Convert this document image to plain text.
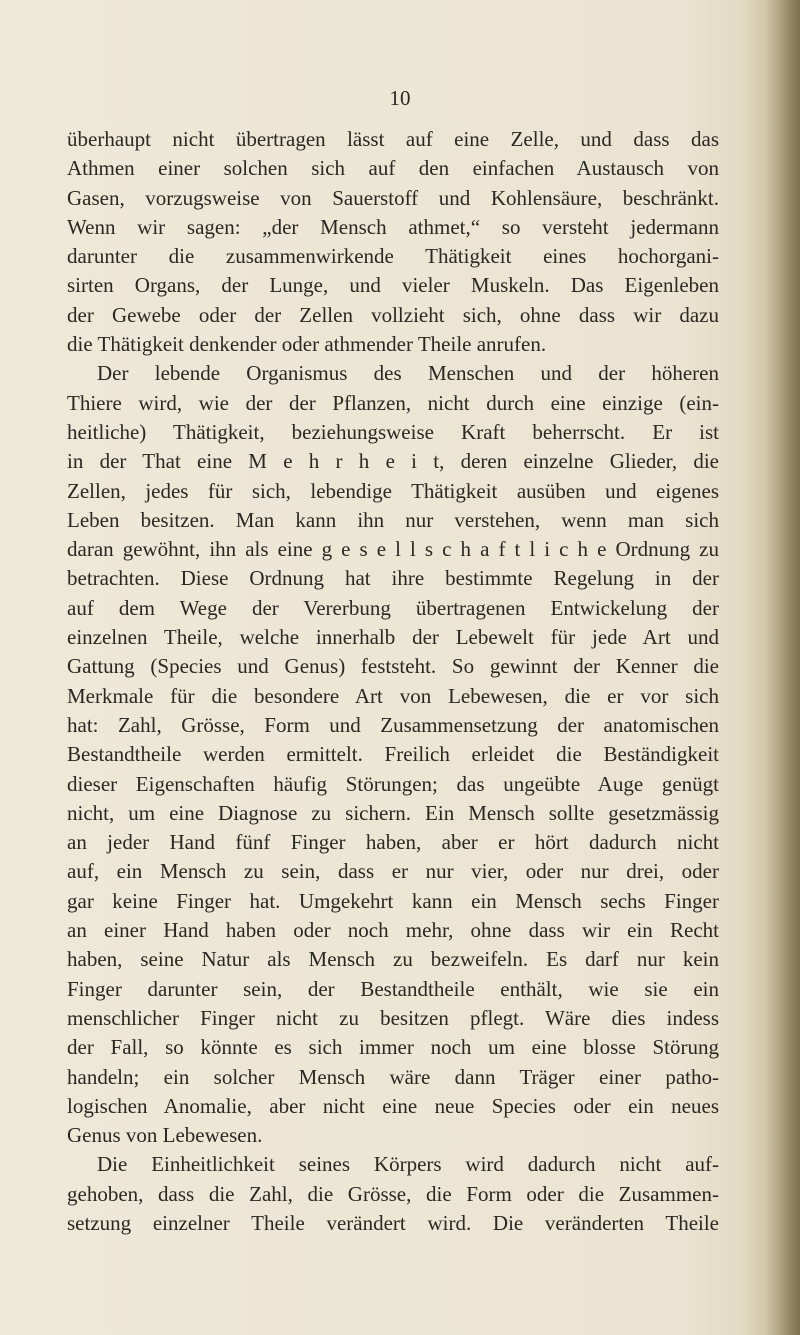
10
überhaupt nicht übertragen lässt auf eine Zelle, und dass das
Athmen einer solchen sich auf den einfachen Austausch von
Gasen, vorzugsweise von Sauerstoff und Kohlensäure, beschränkt.
Wenn wir sagen: „der Mensch athmet,“ so versteht jedermann
darunter die zusammenwirkende Thätigkeit eines hochorgani-
sirten Organs, der Lunge, und vieler Muskeln. Das Eigenleben
der Gewebe oder der Zellen vollzieht sich, ohne dass wir dazu
die Thätigkeit denkender oder athmender Theile anrufen.
Der lebende Organismus des Menschen und der höheren
Thiere wird, wie der der Pflanzen, nicht durch eine einzige (ein-
heitliche) Thätigkeit, beziehungsweise Kraft beherrscht. Er ist
in der That eine M e h r h e i t, deren einzelne Glieder, die
Zellen, jedes für sich, lebendige Thätigkeit ausüben und eigenes
Leben besitzen. Man kann ihn nur verstehen, wenn man sich
daran gewöhnt, ihn als eine g e s e l l s c h a f t l i c h e Ordnung zu
betrachten. Diese Ordnung hat ihre bestimmte Regelung in der
auf dem Wege der Vererbung übertragenen Entwickelung der
einzelnen Theile, welche innerhalb der Lebewelt für jede Art und
Gattung (Species und Genus) feststeht. So gewinnt der Kenner die
Merkmale für die besondere Art von Lebewesen, die er vor sich
hat: Zahl, Grösse, Form und Zusammensetzung der anatomischen
Bestandtheile werden ermittelt. Freilich erleidet die Beständigkeit
dieser Eigenschaften häufig Störungen; das ungeübte Auge genügt
nicht, um eine Diagnose zu sichern. Ein Mensch sollte gesetzmässig
an jeder Hand fünf Finger haben, aber er hört dadurch nicht
auf, ein Mensch zu sein, dass er nur vier, oder nur drei, oder
gar keine Finger hat. Umgekehrt kann ein Mensch sechs Finger
an einer Hand haben oder noch mehr, ohne dass wir ein Recht
haben, seine Natur als Mensch zu bezweifeln. Es darf nur kein
Finger darunter sein, der Bestandtheile enthält, wie sie ein
menschlicher Finger nicht zu besitzen pflegt. Wäre dies indess
der Fall, so könnte es sich immer noch um eine blosse Störung
handeln; ein solcher Mensch wäre dann Träger einer patho-
logischen Anomalie, aber nicht eine neue Species oder ein neues
Genus von Lebewesen.
Die Einheitlichkeit seines Körpers wird dadurch nicht auf-
gehoben, dass die Zahl, die Grösse, die Form oder die Zusammen-
setzung einzelner Theile verändert wird. Die veränderten Theile
